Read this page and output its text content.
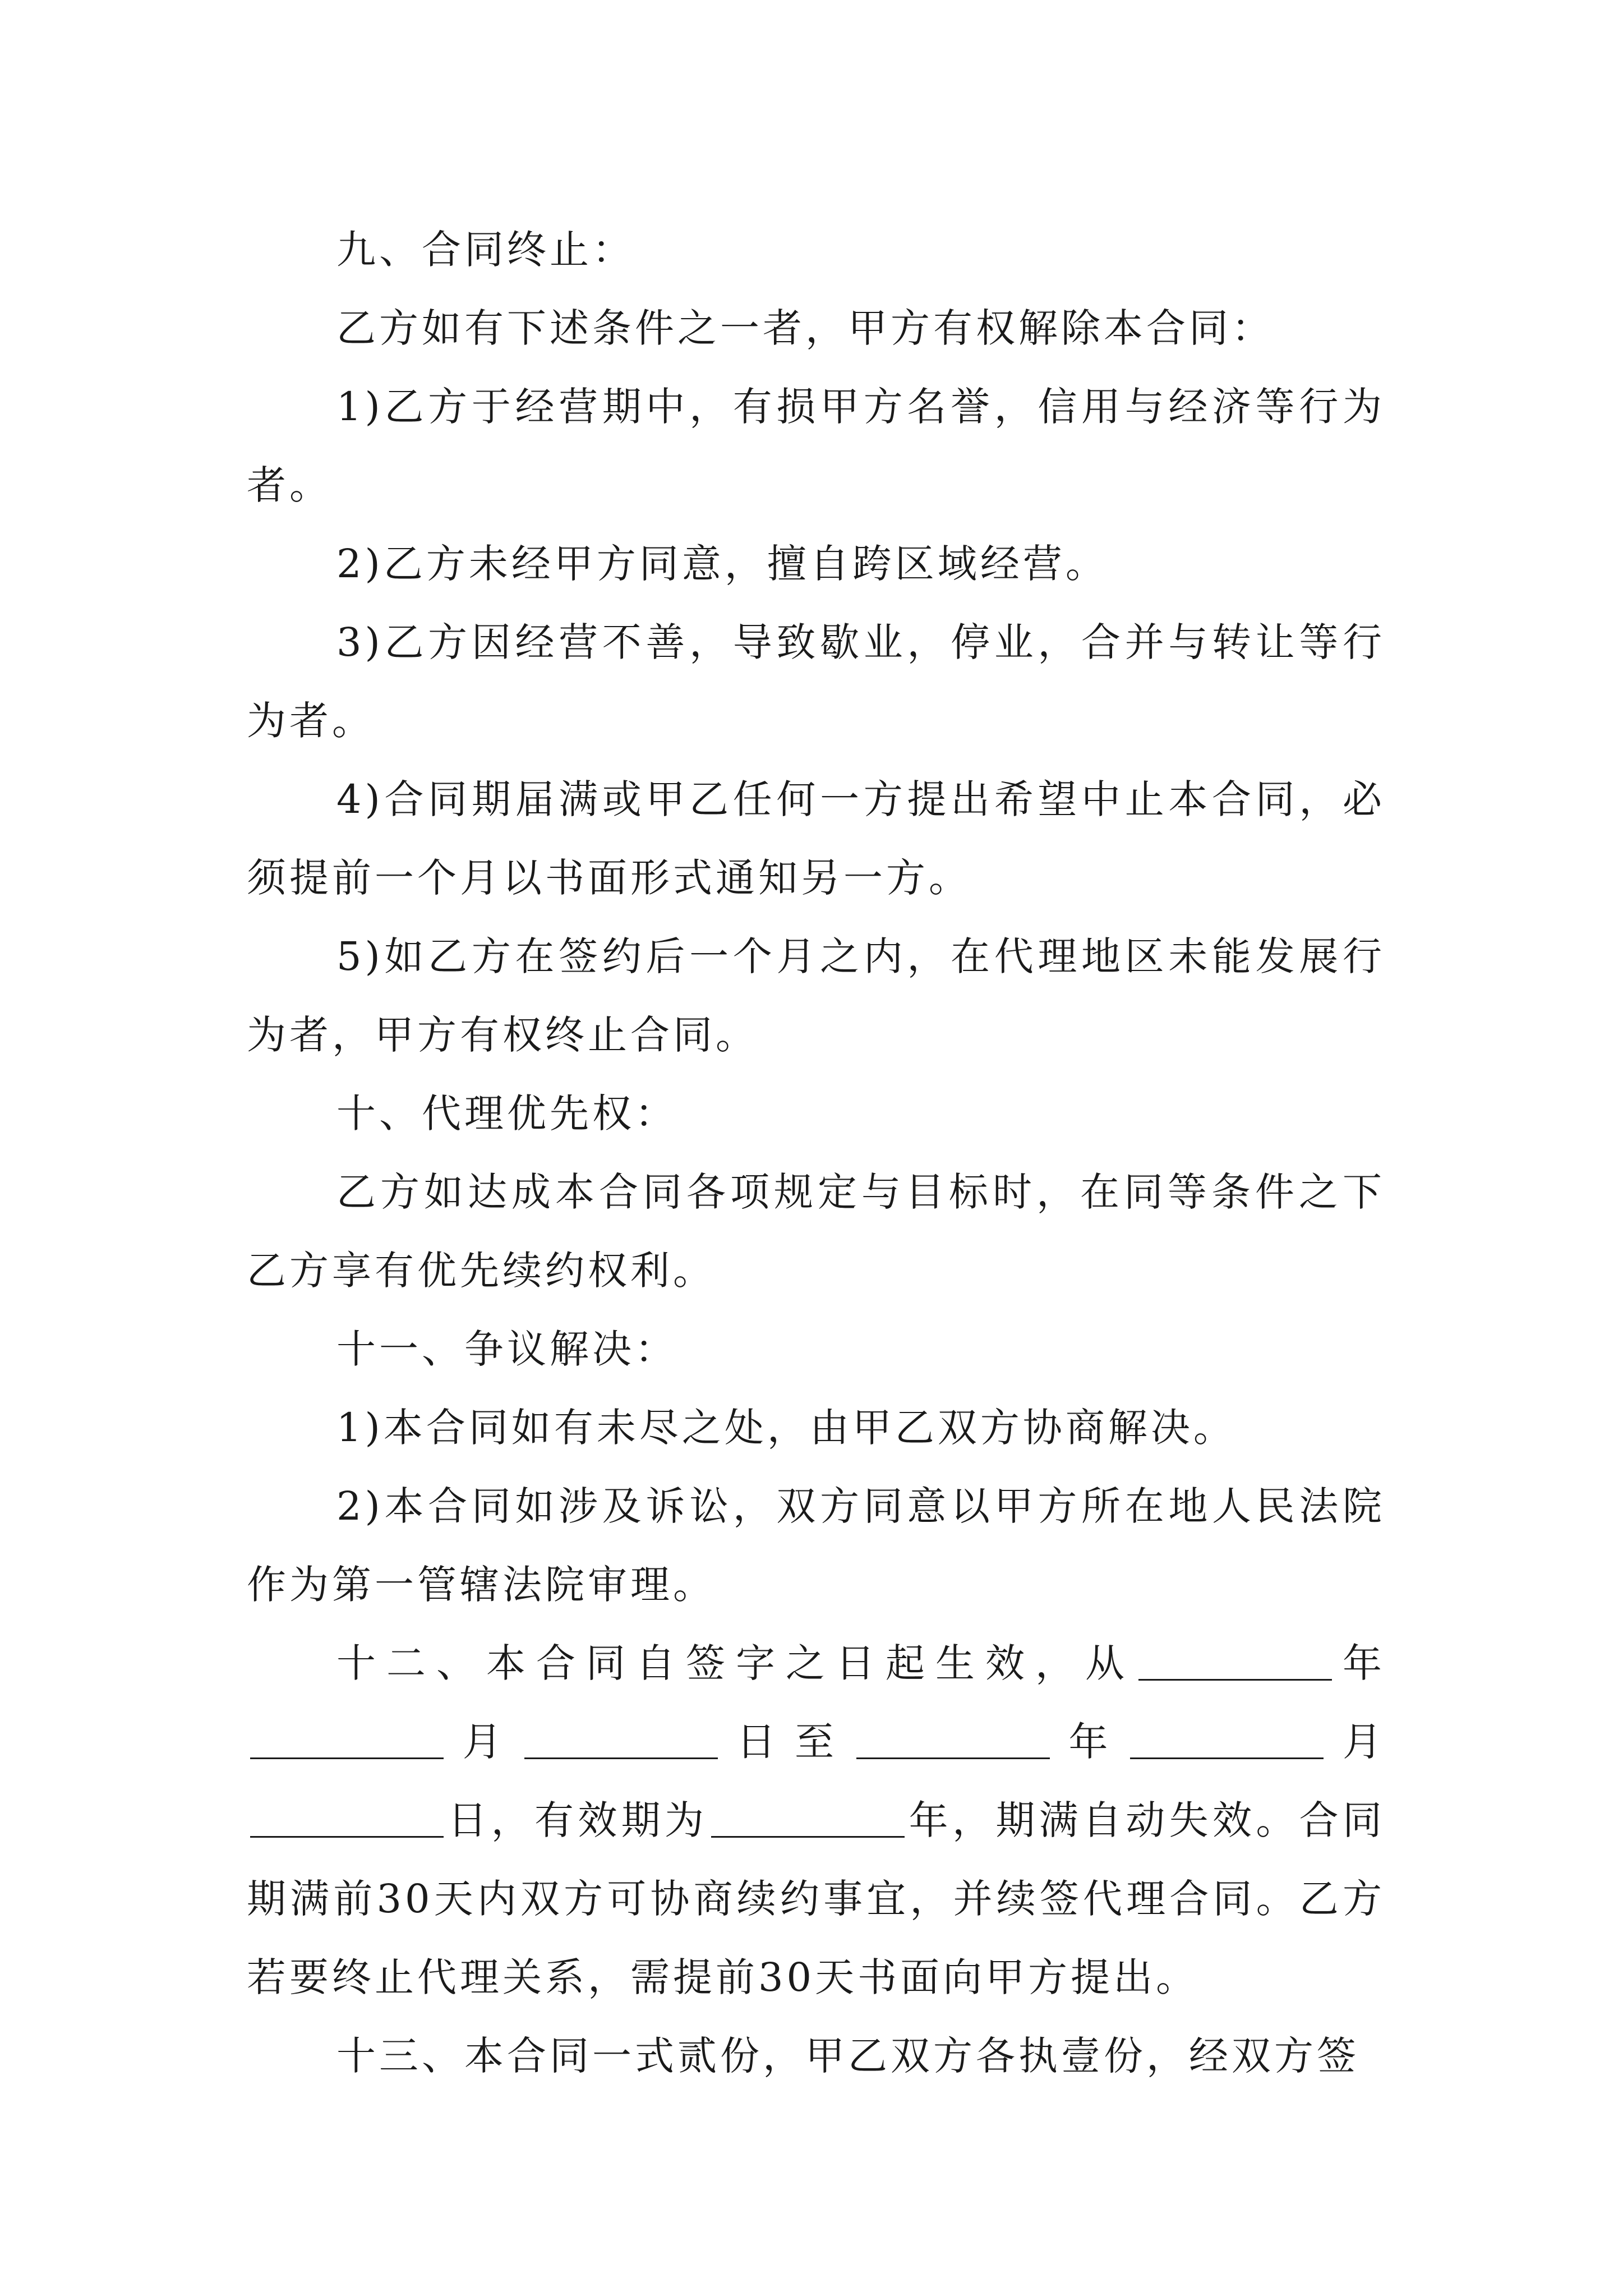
九、合同终止：

乙方如有下述条件之一者，甲方有权解除本合同：

1)乙方于经营期中，有损甲方名誉，信用与经济等行为者。

2)乙方未经甲方同意，擅自跨区域经营。

3)乙方因经营不善，导致歇业，停业，合并与转让等行为者。

4)合同期届满或甲乙任何一方提出希望中止本合同，必须提前一个月以书面形式通知另一方。

5)如乙方在签约后一个月之内，在代理地区未能发展行为者，甲方有权终止合同。

十、代理优先权：

乙方如达成本合同各项规定与目标时，在同等条件之下乙方享有优先续约权利。

十一、争议解决：

1)本合同如有未尽之处，由甲乙双方协商解决。

2)本合同如涉及诉讼，双方同意以甲方所在地人民法院作为第一管辖法院审理。

十二、本合同自签字之日起生效，从	年月	日至	年	月日，有效期为	年，期满自动失效。合同期满前30天内双方可协商续约事宜，并续签代理合同。乙方若要终止代理关系，需提前30天书面向甲方提出。

十三、本合同一式贰份，甲乙双方各执壹份，经双方签
